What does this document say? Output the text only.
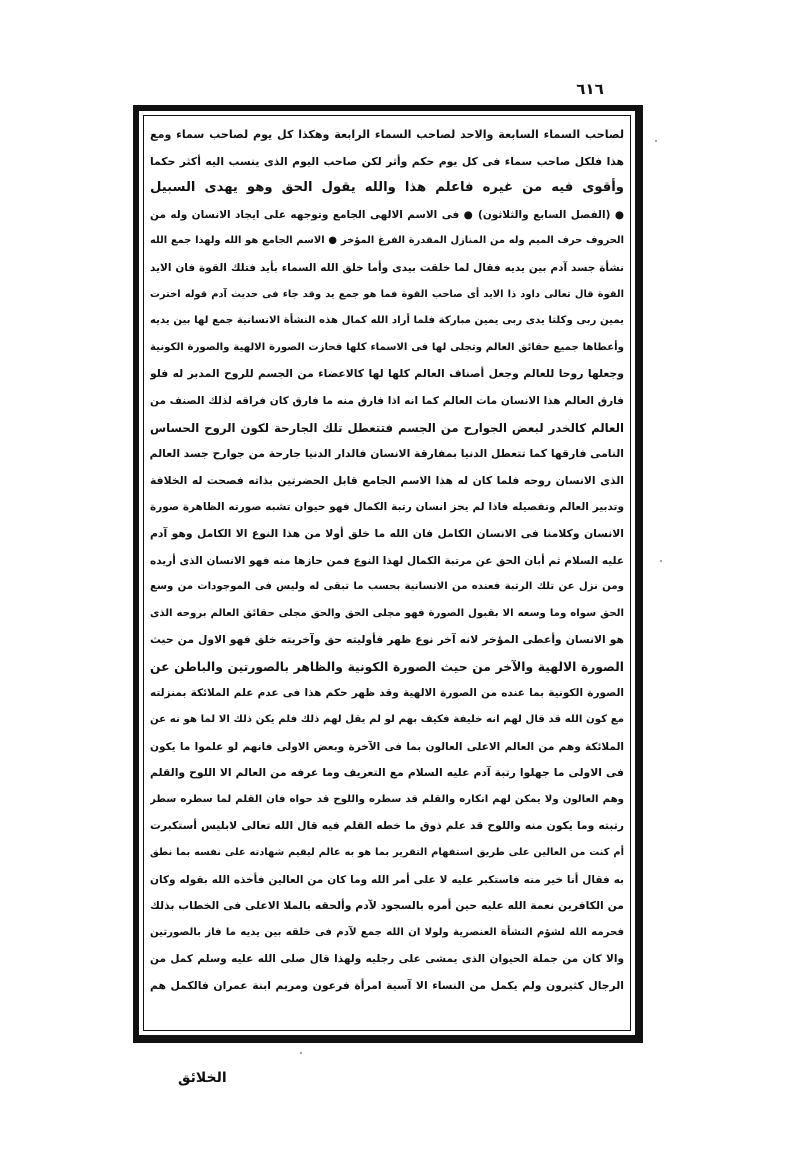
٦١٦
لصاحب السماء السابعة والاحد لصاحب السماء الرابعة وهكذا كل يوم لصاحب سماء ومع
هذا فلكل صاحب سماء فى كل يوم حكم وأثر لكن صاحب اليوم الذى ينسب اليه أكثر حكما
وأقوى فيه من غيره فاعلم هذا والله يقول الحق وهو يهدى السبيل
● (الفصل السابع والثلاثون) ● فى الاسم الالهى الجامع وتوجهه على ايجاد الانسان وله من
الحروف حرف الميم وله من المنازل المقدرة الفرغ المؤخر ● الاسم الجامع هو الله ولهذا جمع الله
نشأة جسد آدم بين يديه فقال لما خلقت بيدى وأما خلق الله السماء بأيد فتلك القوة فان الايد
القوة قال تعالى داود ذا الايد أى صاحب القوة فما هو جمع يد وقد جاء فى حديث آدم قوله اخترت
يمين ربى وكلتا يدى ربى يمين مباركة فلما أراد الله كمال هذه النشأة الانسانية جمع لها بين يديه
وأعطاها جميع حقائق العالم وتجلى لها فى الاسماء كلها فحازت الصورة الالهية والصورة الكونية
وجعلها روحا للعالم وجعل أصناف العالم كلها لها كالاعضاء من الجسم للروح المدبر له فلو
فارق العالم هذا الانسان مات العالم كما انه اذا فارق منه ما فارق كان فراقه لذلك الصنف من
العالم كالخدر لبعض الجوارح من الجسم فتتعطل تلك الجارحة لكون الروح الحساس
النامى فارقها كما تتعطل الدنيا بمفارقة الانسان فالدار الدنيا جارحة من جوارح جسد العالم
الذى الانسان روحه فلما كان له هذا الاسم الجامع قابل الحضرتين بذاته فصحت له الخلافة
وتدبير العالم وتفصيله فاذا لم يحز انسان رتبة الكمال فهو حيوان تشبه صورته الظاهرة صورة
الانسان وكلامنا فى الانسان الكامل فان الله ما خلق أولا من هذا النوع الا الكامل وهو آدم
عليه السلام ثم أبان الحق عن مرتبة الكمال لهذا النوع فمن حازها منه فهو الانسان الذى أريده
ومن نزل عن تلك الرتبة فعنده من الانسانية بحسب ما تبقى له وليس فى الموجودات من وسع
الحق سواه وما وسعه الا بقبول الصورة فهو مجلى الحق والحق مجلى حقائق العالم بروحه الذى
هو الانسان وأعطى المؤخر لانه آخر نوع ظهر فأوليته حق وآخريته خلق فهو الاول من حيث
الصورة الالهية والآخر من حيث الصورة الكونية والظاهر بالصورتين والباطن عن
الصورة الكونية بما عنده من الصورة الالهية وقد ظهر حكم هذا فى عدم علم الملائكة بمنزلته
مع كون الله قد قال لهم انه خليفة فكيف بهم لو لم يقل لهم ذلك فلم يكن ذلك الا لما هو نه عن
الملائكة وهم من العالم الاعلى العالون بما فى الآخرة وبعض الاولى فانهم لو علموا ما يكون
فى الاولى ما جهلوا رتبة آدم عليه السلام مع التعريف وما عرفه من العالم الا اللوح والقلم
وهم العالون ولا يمكن لهم انكاره والقلم قد سطره واللوح قد حواه فان القلم لما سطره سطر
رتبته وما يكون منه واللوح قد علم ذوق ما خطه القلم فيه قال الله تعالى لابليس أستكبرت
أم كنت من العالين على طريق استفهام التقرير بما هو به عالم ليقيم شهادته على نفسه بما نطق
به فقال أنا خير منه فاستكبر عليه لا على أمر الله وما كان من العالين فأخذه الله بقوله وكان
من الكافرين نعمة الله عليه حين أمره بالسجود لآدم وألحقه بالملا الاعلى فى الخطاب بذلك
فحرمه الله لشؤم النشأة العنصرية ولولا ان الله جمع لآدم فى خلقه بين يديه ما فاز بالصورتين
والا كان من جملة الحيوان الذى يمشى على رجليه ولهذا قال صلى الله عليه وسلم كمل من
الرجال كثيرون ولم يكمل من النساء الا آسية امرأة فرعون ومريم ابنة عمران فالكمل هم
الخلائق
